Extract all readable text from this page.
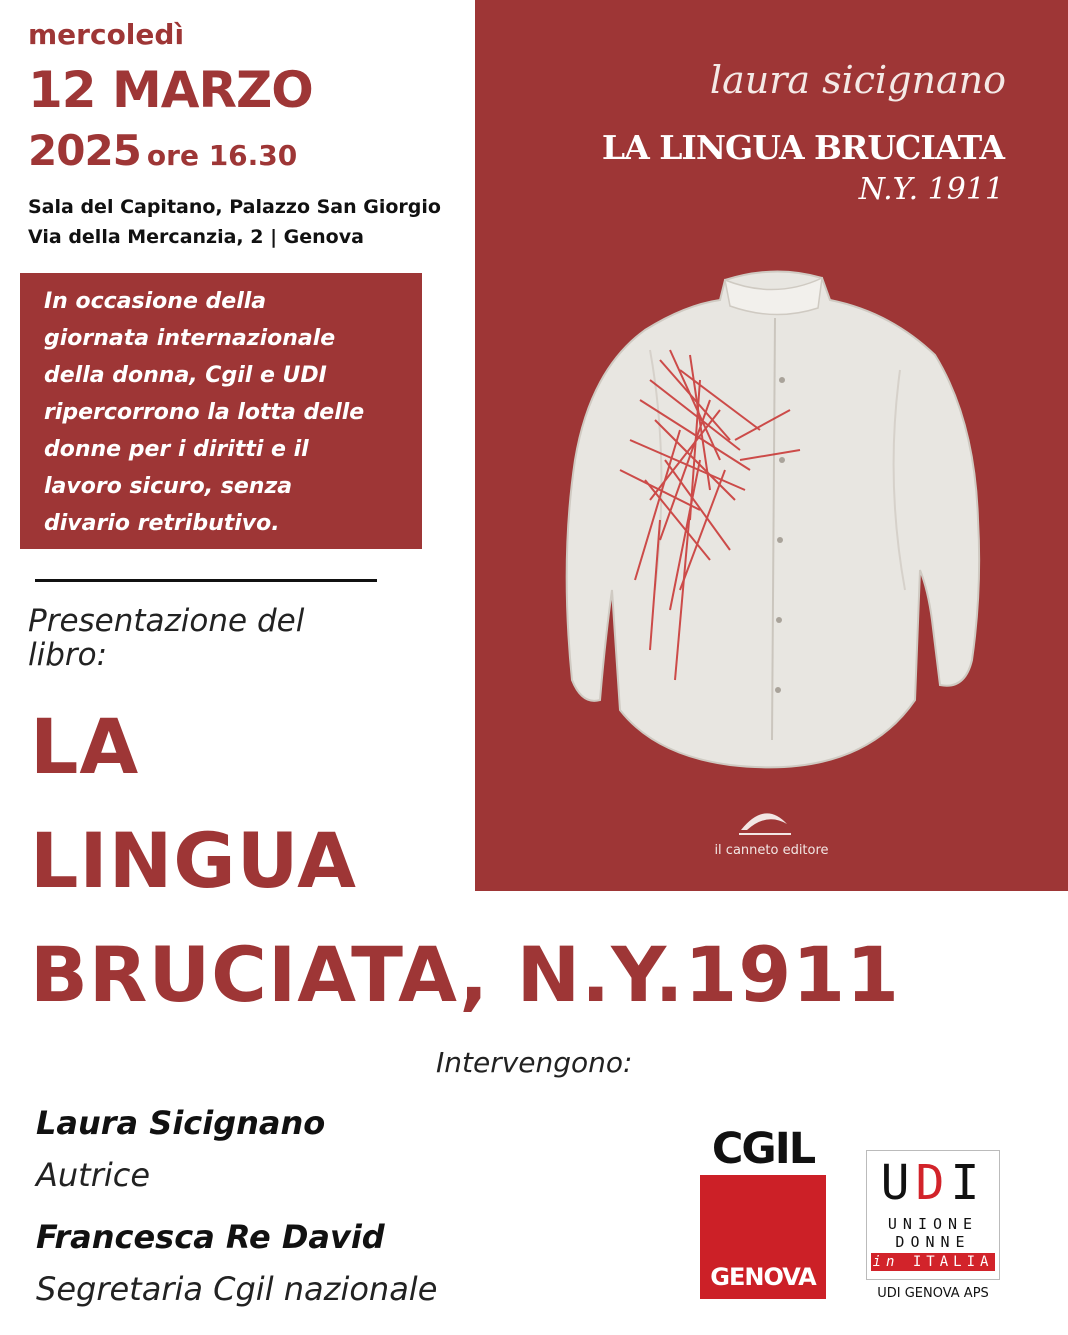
mercoledì
12 MARZO
2025 ore 16.30
Sala del Capitano, Palazzo San Giorgio
Via della Mercanzia, 2 | Genova
In occasione della
giornata internazionale
della donna, Cgil e UDI
ripercorrono la lotta delle
donne per i diritti e il
lavoro sicuro, senza
divario retributivo.
Presentazione del libro:
LA
LINGUA
BRUCIATA, N.Y.1911
laura sicignano
LA LINGUA BRUCIATA
N.Y. 1911
il canneto editore
Intervengono:
Laura Sicignano
Autrice
Francesca Re David
Segretaria Cgil nazionale
CGIL
GENOVA
UDI
UNIONE
DONNE
in ITALIA
UDI GENOVA APS
